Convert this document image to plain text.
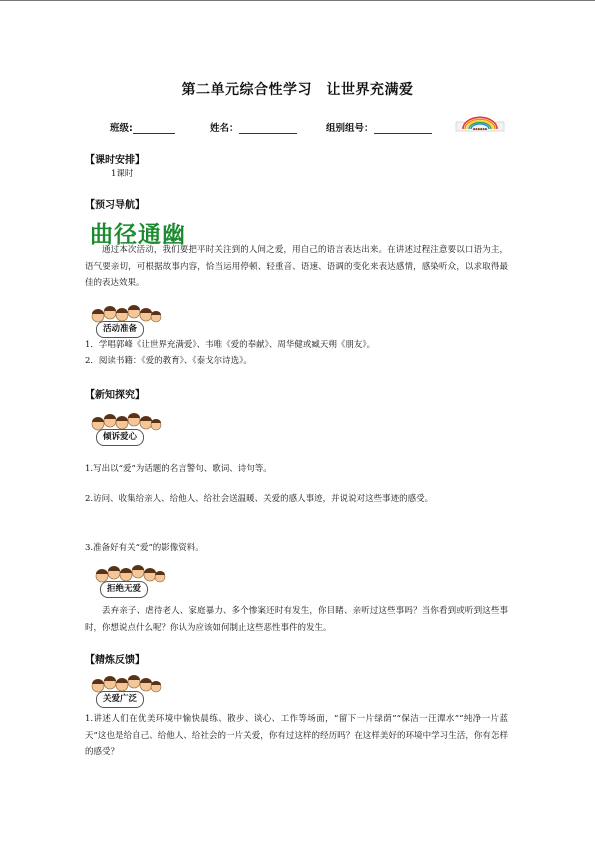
第二单元综合性学习　让世界充满爱
班级:	姓名：	组别组号：	▪▪▪▪▪▪
【课时安排】
1课时
【预习导航】
曲径通幽
通过本次活动，我们要把平时关注到的人间之爱，用自己的语言表达出来。在讲述过程注意要以口语为主，语气要亲切，可根据故事内容，恰当运用停顿、轻重音、语速、语调的变化来表达感情，感染听众，以求取得最佳的表达效果。
活动准备
1．学唱郭峰《让世界充满爱》、韦唯《爱的奉献》、周华健或臧天朔《朋友》。
2．阅读书籍：《爱的教育》、《泰戈尔诗选》。
【新知探究】
倾诉爱心
1.写出以“爱”为话题的名言警句、歌词、诗句等。
2.访问、收集给亲人、给他人、给社会送温暖、关爱的感人事迹，并说说对这些事迹的感受。
3.准备好有关“爱”的影像资料。
拒绝无爱
丢弃亲子、虐待老人、家庭暴力、多个惨案还时有发生，你目睹、亲听过这些事吗？当你看到或听到这些事时，你想说点什么呢？你认为应该如何制止这些恶性事件的发生。
【精炼反馈】
关爱广泛
1.讲述人们在优美环境中愉快晨练、散步、谈心、工作等场面，“留下一片绿荫”“保洁一汪潭水”“纯净一片蓝天”这也是给自己、给他人、给社会的一片关爱，你有过这样的经历吗？在这样美好的环境中学习生活，你有怎样的感受？
